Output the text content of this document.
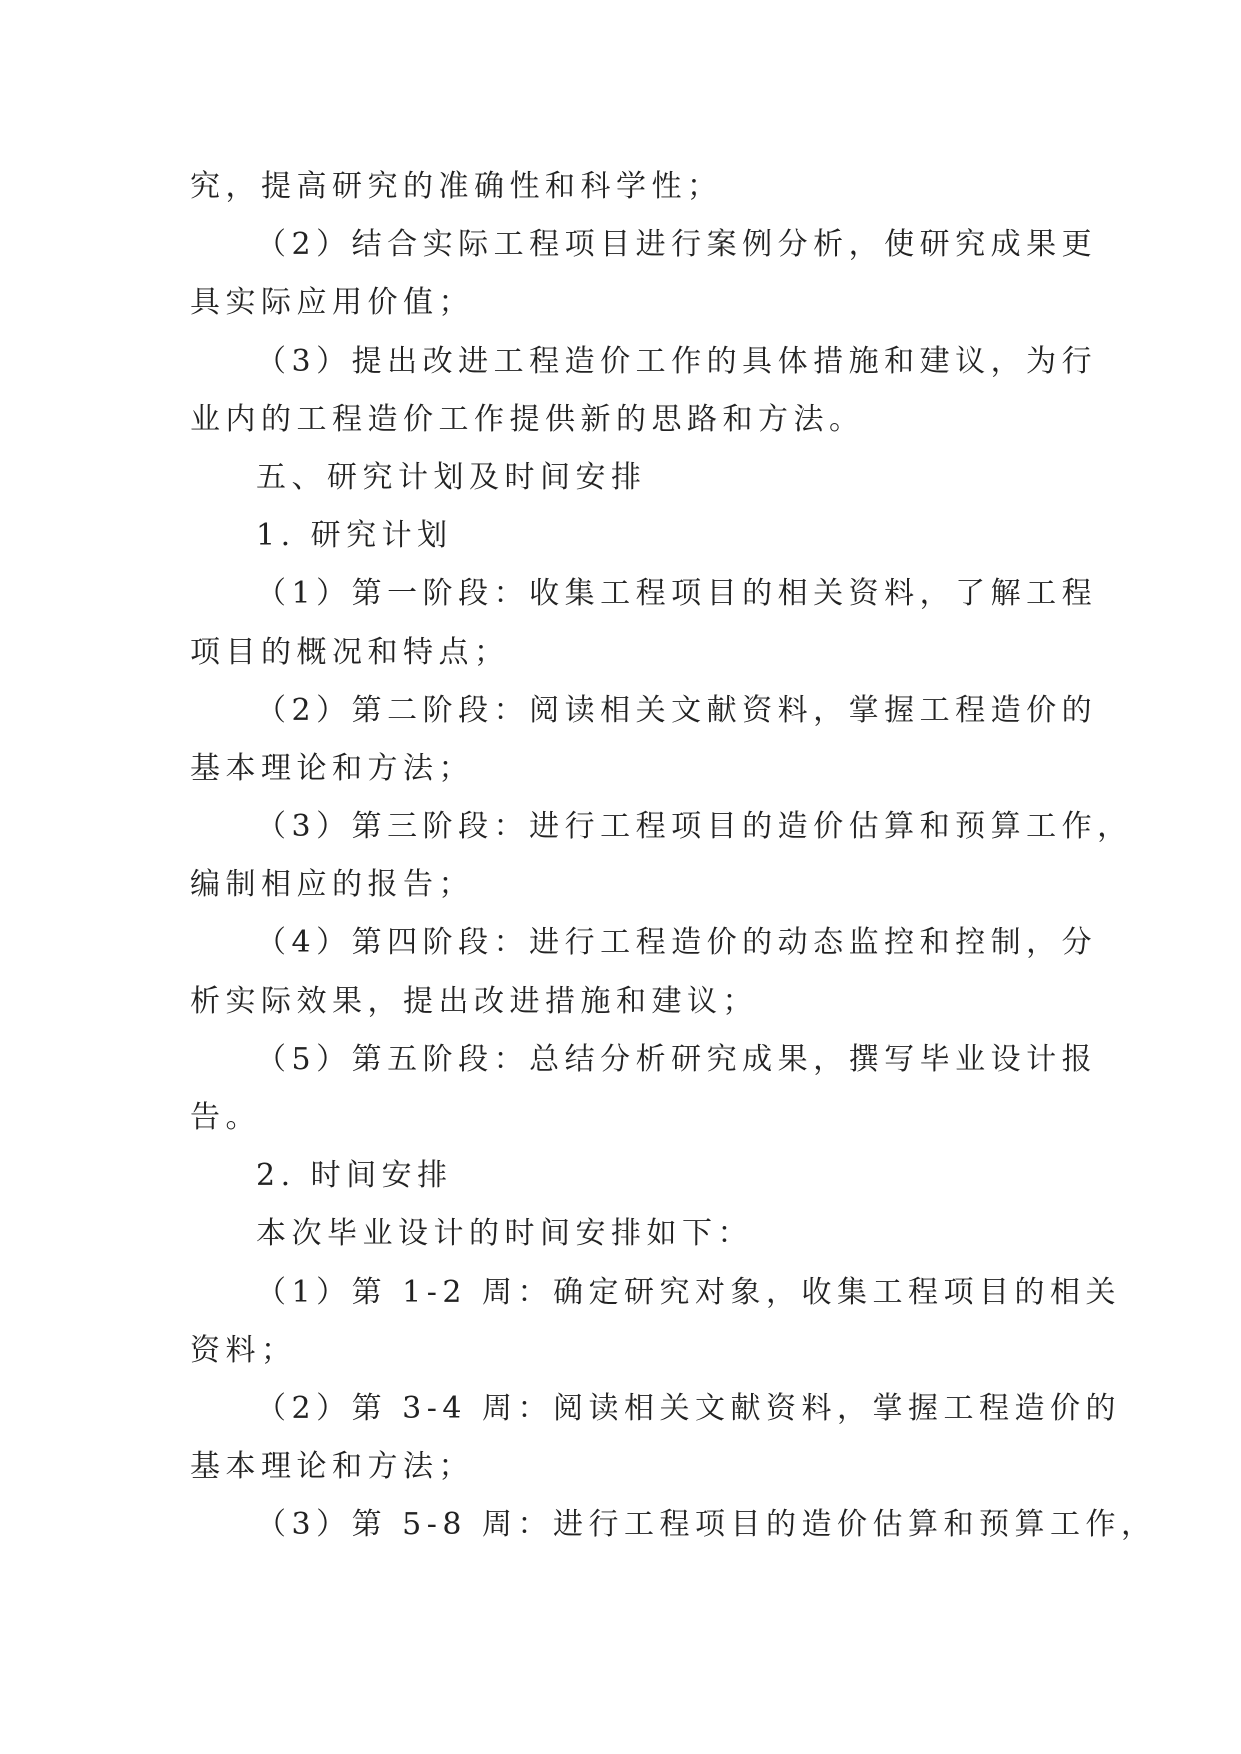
究，提高研究的准确性和科学性；
（2）结合实际工程项目进行案例分析，使研究成果更
具实际应用价值；
（3）提出改进工程造价工作的具体措施和建议，为行
业内的工程造价工作提供新的思路和方法。
五、研究计划及时间安排
1. 研究计划
（1）第一阶段：收集工程项目的相关资料，了解工程
项目的概况和特点；
（2）第二阶段：阅读相关文献资料，掌握工程造价的
基本理论和方法；
（3）第三阶段：进行工程项目的造价估算和预算工作，
编制相应的报告；
（4）第四阶段：进行工程造价的动态监控和控制，分
析实际效果，提出改进措施和建议；
（5）第五阶段：总结分析研究成果，撰写毕业设计报
告。
2. 时间安排
本次毕业设计的时间安排如下：
（1）第 1-2 周：确定研究对象，收集工程项目的相关
资料；
（2）第 3-4 周：阅读相关文献资料，掌握工程造价的
基本理论和方法；
（3）第 5-8 周：进行工程项目的造价估算和预算工作，
